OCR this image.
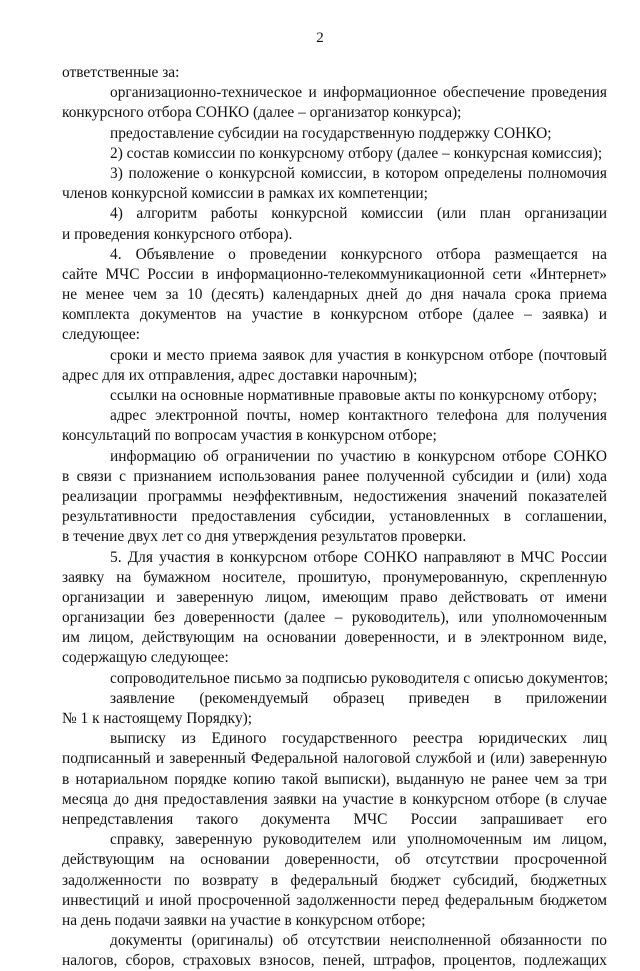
2
ответственные за:
организационно-техническое и информационное обеспечение проведения
конкурсного отбора СОНКО (далее – организатор конкурса);
предоставление субсидии на государственную поддержку СОНКО;
2) состав комиссии по конкурсному отбору (далее – конкурсная комиссия);
3) положение о конкурсной комиссии, в котором определены полномочия
членов конкурсной комиссии в рамках их компетенции;
4) алгоритм работы конкурсной комиссии (или план организации
и проведения конкурсного отбора).
4. Объявление о проведении конкурсного отбора размещается на
сайте МЧС России в информационно-телекоммуникационной сети «Интернет»
не менее чем за 10 (десять) календарных дней до дня начала срока приема
комплекта документов на участие в конкурсном отборе (далее – заявка) и
следующее:
сроки и место приема заявок для участия в конкурсном отборе (почтовый
адрес для их отправления, адрес доставки нарочным);
ссылки на основные нормативные правовые акты по конкурсному отбору;
адрес электронной почты, номер контактного телефона для получения
консультаций по вопросам участия в конкурсном отборе;
информацию об ограничении по участию в конкурсном отборе СОНКО
в связи с признанием использования ранее полученной субсидии и (или) хода
реализации программы неэффективным, недостижения значений показателей
результативности предоставления субсидии, установленных в соглашении,
в течение двух лет со дня утверждения результатов проверки.
5. Для участия в конкурсном отборе СОНКО направляют в МЧС России
заявку на бумажном носителе, прошитую, пронумерованную, скрепленную
организации и заверенную лицом, имеющим право действовать от имени
организации без доверенности (далее – руководитель), или уполномоченным
им лицом, действующим на основании доверенности, и в электронном виде,
содержащую следующее:
сопроводительное письмо за подписью руководителя с описью документов;
заявление (рекомендуемый образец приведен в приложении
№ 1 к настоящему Порядку);
выписку из Единого государственного реестра юридических лиц
подписанный и заверенный Федеральной налоговой службой и (или) заверенную
в нотариальном порядке копию такой выписки), выданную не ранее чем за три
месяца до дня предоставления заявки на участие в конкурсном отборе (в случае
непредставления такого документа МЧС России запрашивает его
справку, заверенную руководителем или уполномоченным им лицом,
действующим на основании доверенности, об отсутствии просроченной
задолженности по возврату в федеральный бюджет субсидий, бюджетных
инвестиций и иной просроченной задолженности перед федеральным бюджетом
на день подачи заявки на участие в конкурсном отборе;
документы (оригиналы) об отсутствии неисполненной обязанности по
налогов, сборов, страховых взносов, пеней, штрафов, процентов, подлежащих
